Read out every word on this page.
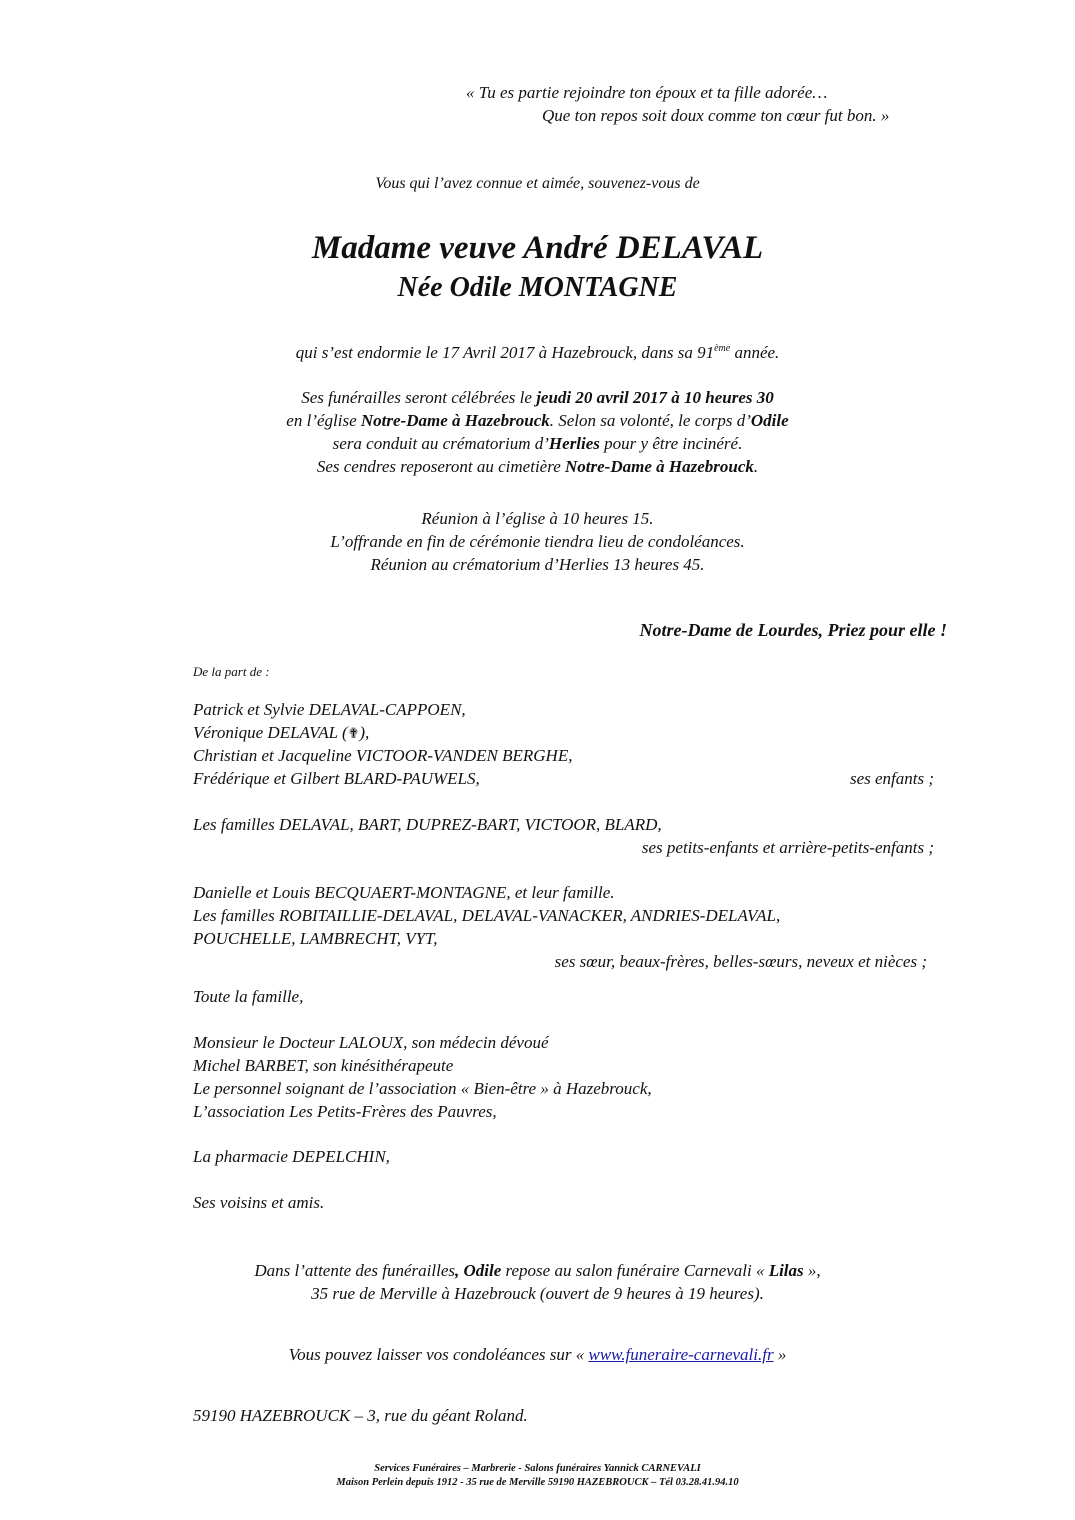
« Tu es partie rejoindre ton époux et ta fille adorée…
Que ton repos soit doux comme ton cœur fut bon. »
Vous qui l’avez connue et aimée, souvenez-vous de
Madame veuve André DELAVAL
Née Odile MONTAGNE
qui s’est endormie le 17 Avril 2017 à Hazebrouck, dans sa 91ème année.
Ses funérailles seront célébrées le jeudi 20 avril 2017 à 10 heures 30
en l’église Notre-Dame à Hazebrouck. Selon sa volonté, le corps d’Odile
sera conduit au crématorium d’Herlies pour y être incinéré.
Ses cendres reposeront au cimetière Notre-Dame à Hazebrouck.
Réunion à l’église à 10 heures 15.
L’offrande en fin de cérémonie tiendra lieu de condoléances.
Réunion au crématorium d’Herlies 13 heures 45.
Notre-Dame de Lourdes, Priez pour elle !
De la part de :
Patrick et Sylvie DELAVAL-CAPPOEN,
Véronique DELAVAL (✟),
Christian et Jacqueline VICTOOR-VANDEN BERGHE,
Frédérique et Gilbert BLARD-PAUWELS,	ses enfants ;
Les familles DELAVAL, BART, DUPREZ-BART, VICTOOR, BLARD,
ses petits-enfants et arrière-petits-enfants ;
Danielle et Louis BECQUAERT-MONTAGNE, et leur famille.
Les familles ROBITAILLIE-DELAVAL, DELAVAL-VANACKER, ANDRIES-DELAVAL,
POUCHELLE, LAMBRECHT, VYT,
ses sœur, beaux-frères, belles-sœurs, neveux et nièces ;
Toute la famille,
Monsieur le Docteur LALOUX, son médecin dévoué
Michel BARBET, son kinésithérapeute
Le personnel soignant de l’association « Bien-être » à Hazebrouck,
L’association Les Petits-Frères des Pauvres,
La pharmacie DEPELCHIN,
Ses voisins et amis.
Dans l’attente des funérailles, Odile repose au salon funéraire Carnevali « Lilas »,
35 rue de Merville à Hazebrouck (ouvert de 9 heures à 19 heures).
Vous pouvez laisser vos condoléances sur « www.funeraire-carnevali.fr »
59190 HAZEBROUCK – 3, rue du géant Roland.
Services Funéraires – Marbrerie - Salons funéraires Yannick CARNEVALI
Maison Perlein depuis 1912 - 35 rue de Merville 59190 HAZEBROUCK – Tél 03.28.41.94.10
